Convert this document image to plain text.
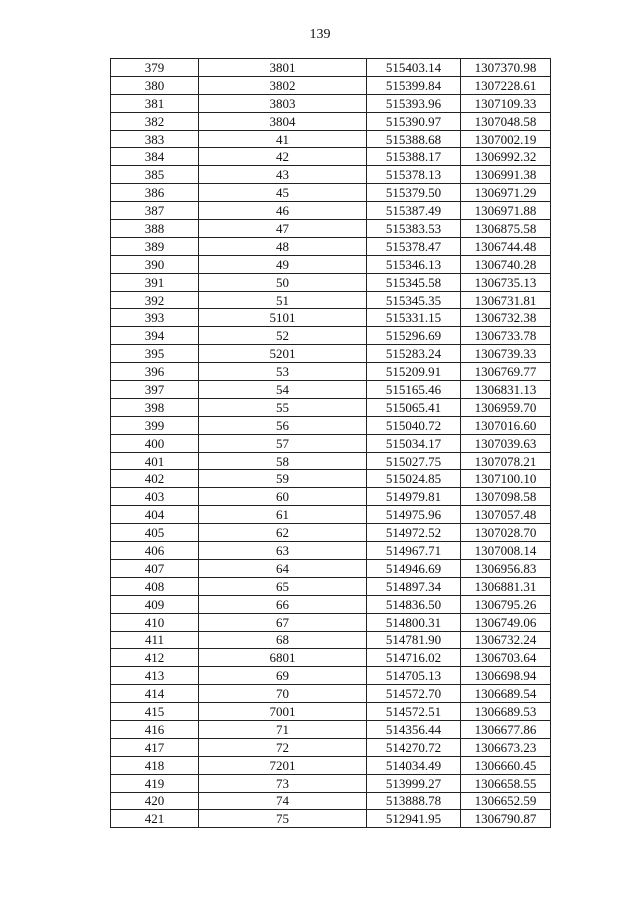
139
379	3801	515403.14	1307370.98
380	3802	515399.84	1307228.61
381	3803	515393.96	1307109.33
382	3804	515390.97	1307048.58
383	41	515388.68	1307002.19
384	42	515388.17	1306992.32
385	43	515378.13	1306991.38
386	45	515379.50	1306971.29
387	46	515387.49	1306971.88
388	47	515383.53	1306875.58
389	48	515378.47	1306744.48
390	49	515346.13	1306740.28
391	50	515345.58	1306735.13
392	51	515345.35	1306731.81
393	5101	515331.15	1306732.38
394	52	515296.69	1306733.78
395	5201	515283.24	1306739.33
396	53	515209.91	1306769.77
397	54	515165.46	1306831.13
398	55	515065.41	1306959.70
399	56	515040.72	1307016.60
400	57	515034.17	1307039.63
401	58	515027.75	1307078.21
402	59	515024.85	1307100.10
403	60	514979.81	1307098.58
404	61	514975.96	1307057.48
405	62	514972.52	1307028.70
406	63	514967.71	1307008.14
407	64	514946.69	1306956.83
408	65	514897.34	1306881.31
409	66	514836.50	1306795.26
410	67	514800.31	1306749.06
411	68	514781.90	1306732.24
412	6801	514716.02	1306703.64
413	69	514705.13	1306698.94
414	70	514572.70	1306689.54
415	7001	514572.51	1306689.53
416	71	514356.44	1306677.86
417	72	514270.72	1306673.23
418	7201	514034.49	1306660.45
419	73	513999.27	1306658.55
420	74	513888.78	1306652.59
421	75	512941.95	1306790.87
